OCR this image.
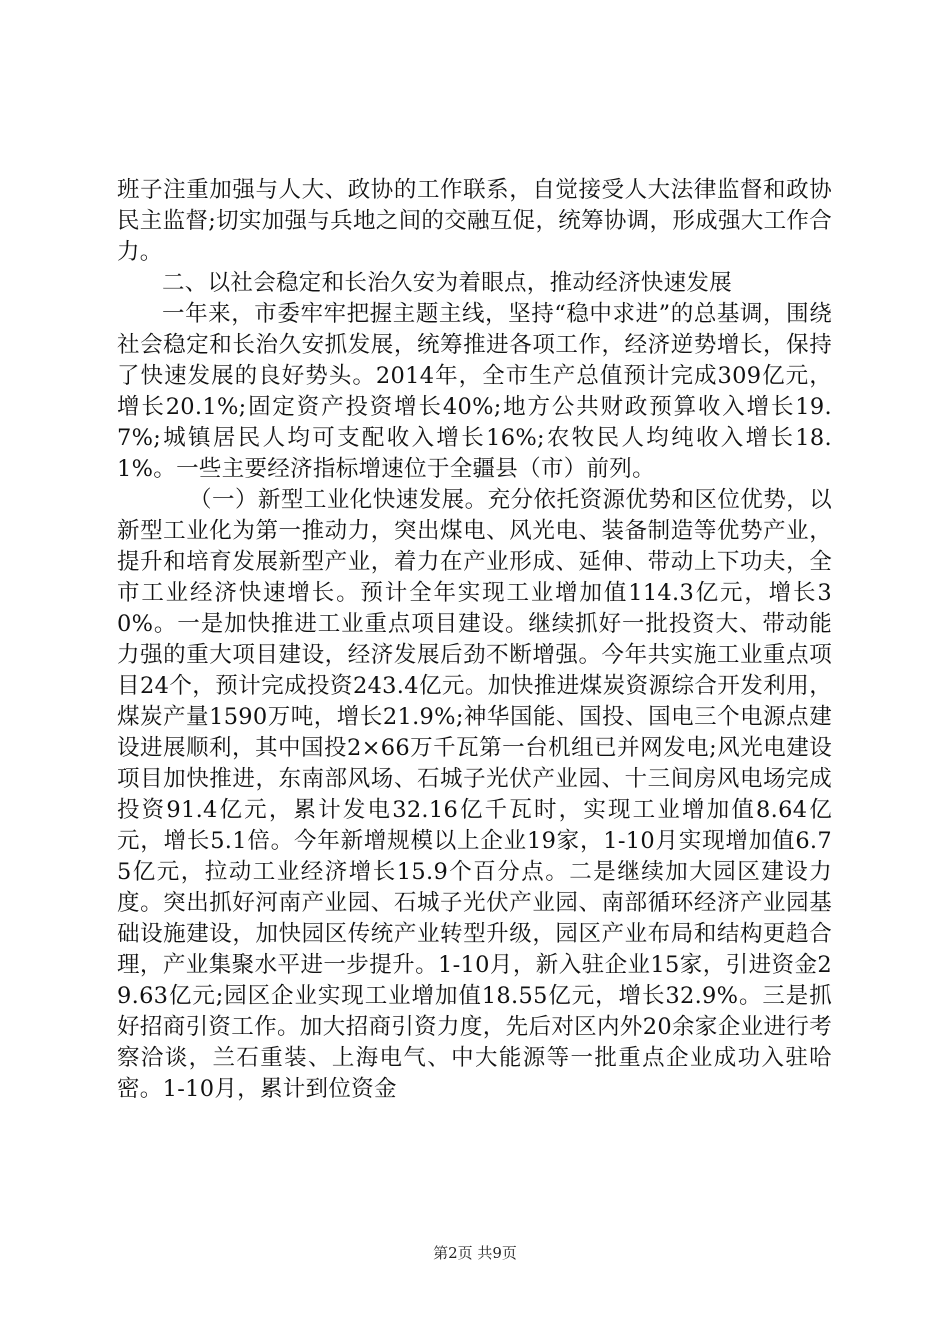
班子注重加强与人大、政协的工作联系，自觉接受人大法律监督和政协民主监督;切实加强与兵地之间的交融互促，统筹协调，形成强大工作合力。

二、以社会稳定和长治久安为着眼点，推动经济快速发展

一年来，市委牢牢把握主题主线，坚持“稳中求进”的总基调，围绕社会稳定和长治久安抓发展，统筹推进各项工作，经济逆势增长，保持了快速发展的良好势头。2014年，全市生产总值预计完成309亿元，增长20.1%;固定资产投资增长40%;地方公共财政预算收入增长19.7%;城镇居民人均可支配收入增长16%;农牧民人均纯收入增长18.1%。一些主要经济指标增速位于全疆县（市）前列。

（一）新型工业化快速发展。充分依托资源优势和区位优势，以新型工业化为第一推动力，突出煤电、风光电、装备制造等优势产业，提升和培育发展新型产业，着力在产业形成、延伸、带动上下功夫，全市工业经济快速增长。预计全年实现工业增加值114.3亿元，增长30%。一是加快推进工业重点项目建设。继续抓好一批投资大、带动能力强的重大项目建设，经济发展后劲不断增强。今年共实施工业重点项目24个，预计完成投资243.4亿元。加快推进煤炭资源综合开发利用，煤炭产量1590万吨，增长21.9%;神华国能、国投、国电三个电源点建设进展顺利，其中国投2×66万千瓦第一台机组已并网发电;风光电建设项目加快推进，东南部风场、石城子光伏产业园、十三间房风电场完成投资91.4亿元，累计发电32.16亿千瓦时，实现工业增加值8.64亿元，增长5.1倍。今年新增规模以上企业19家，1-10月实现增加值6.75亿元，拉动工业经济增长15.9个百分点。二是继续加大园区建设力度。突出抓好河南产业园、石城子光伏产业园、南部循环经济产业园基础设施建设，加快园区传统产业转型升级，园区产业布局和结构更趋合理，产业集聚水平进一步提升。1-10月，新入驻企业15家，引进资金29.63亿元;园区企业实现工业增加值18.55亿元，增长32.9%。三是抓好招商引资工作。加大招商引资力度，先后对区内外20余家企业进行考察洽谈，兰石重装、上海电气、中大能源等一批重点企业成功入驻哈密。1-10月，累计到位资金

第2页 共9页
